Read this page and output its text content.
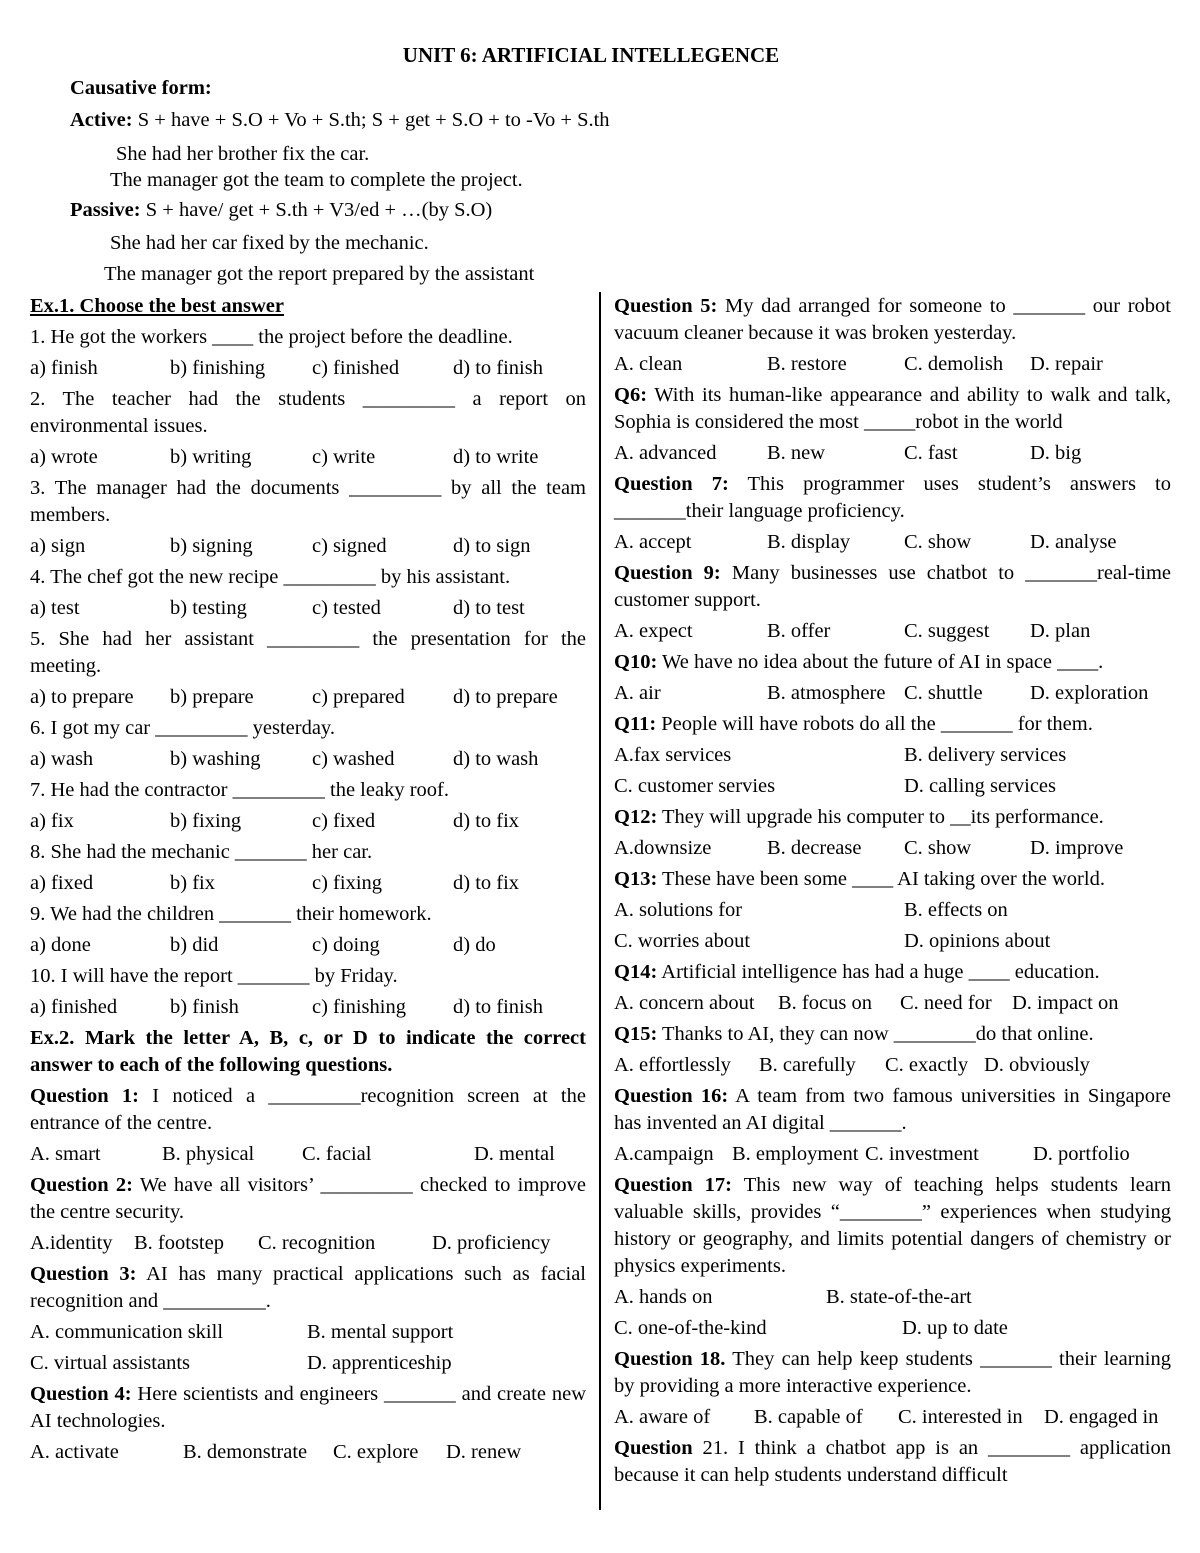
UNIT 6: ARTIFICIAL INTELLEGENCE
Causative form:
Active: S + have + S.O + Vo + S.th; S + get + S.O + to -Vo + S.th
She had her brother fix the car.
The manager got the team to complete the project.
Passive: S + have/ get + S.th + V3/ed + …(by S.O)
She had her car fixed by the mechanic.
The manager got the report prepared by the assistant
Ex.1. Choose the best answer
1. He got the workers ____ the project before the deadline.
a) finish	b) finishing	c) finished	d) to finish
2. The teacher had the students _________ a report on environmental issues.
a) wrote	b) writing	c) write	d) to write
3. The manager had the documents _________ by all the team members.
a) sign	b) signing	c) signed	d) to sign
4. The chef got the new recipe _________ by his assistant.
a) test	b) testing	c) tested	d) to test
5. She had her assistant _________ the presentation for the meeting.
a) to prepare	b) prepare	c) prepared	d) to prepare
6. I got my car _________ yesterday.
a) wash	b) washing	c) washed	d) to wash
7. He had the contractor _________ the leaky roof.
a) fix	b) fixing	c) fixed	d) to fix
8. She had the mechanic _______ her car.
a) fixed	b) fix	c) fixing	d) to fix
9. We had the children _______ their homework.
a) done	b) did	c) doing	d) do
10. I will have the report _______ by Friday.
a) finished	b) finish	c) finishing	d) to finish
Ex.2. Mark the letter A, B, c, or D to indicate the correct answer to each of the following questions.
Question 1: I noticed a _________recognition screen at the entrance of the centre.
A. smart	B. physical	C. facial	D. mental
Question 2: We have all visitors’ _________ checked to improve the centre security.
A.identity	B. footstep	C. recognition	D. proficiency
Question 3: AI has many practical applications such as facial recognition and __________.
A. communication skill	B. mental support
C. virtual assistants	D. apprenticeship
Question 4: Here scientists and engineers _______ and create new AI technologies.
A. activate	B. demonstrate	C. explore	D. renew
Question 5: My dad arranged for someone to _______ our robot vacuum cleaner because it was broken yesterday.
A. clean	B. restore	C. demolish	D. repair
Q6: With its human-like appearance and ability to walk and talk, Sophia is considered the most _____robot in the world
A. advanced	B. new	C. fast	D. big
Question 7: This programmer uses student’s answers to _______their language proficiency.
A. accept	B. display	C. show	D. analyse
Question 9: Many businesses use chatbot to _______real-time customer support.
A. expect	B. offer	C. suggest	D. plan
Q10: We have no idea about the future of AI in space ____.
A. air	B. atmosphere C. shuttle	D. exploration
Q11: People will have robots do all the _______ for them.
A.fax services	B. delivery services
C. customer servies	D. calling services
Q12: They will upgrade his computer to __its performance.
A.downsize	B. decrease	C. show	D. improve
Q13: These have been some ____ AI taking over the world.
A. solutions for	B. effects on
C. worries about	D. opinions about
Q14: Artificial intelligence has had a huge ____ education.
A. concern about	B. focus on	C. need for D. impact on
Q15: Thanks to AI, they can now ________do that online.
A. effortlessly	B. carefully	C. exactly D. obviously
Question 16: A team from two famous universities in Singapore has invented an AI digital _______.
A.campaign B. employment C. investment	D. portfolio
Question 17: This new way of teaching helps students learn valuable skills, provides “________” experiences when studying history or geography, and limits potential dangers of chemistry or physics experiments.
A. hands on	B. state-of-the-art
C. one-of-the-kind	D. up to date
Question 18. They can help keep students _______ their learning by providing a more interactive experience.
A. aware of	B. capable of	C. interested in	D. engaged in
Question 21. I think a chatbot app is an ________ application because it can help students understand difficult
